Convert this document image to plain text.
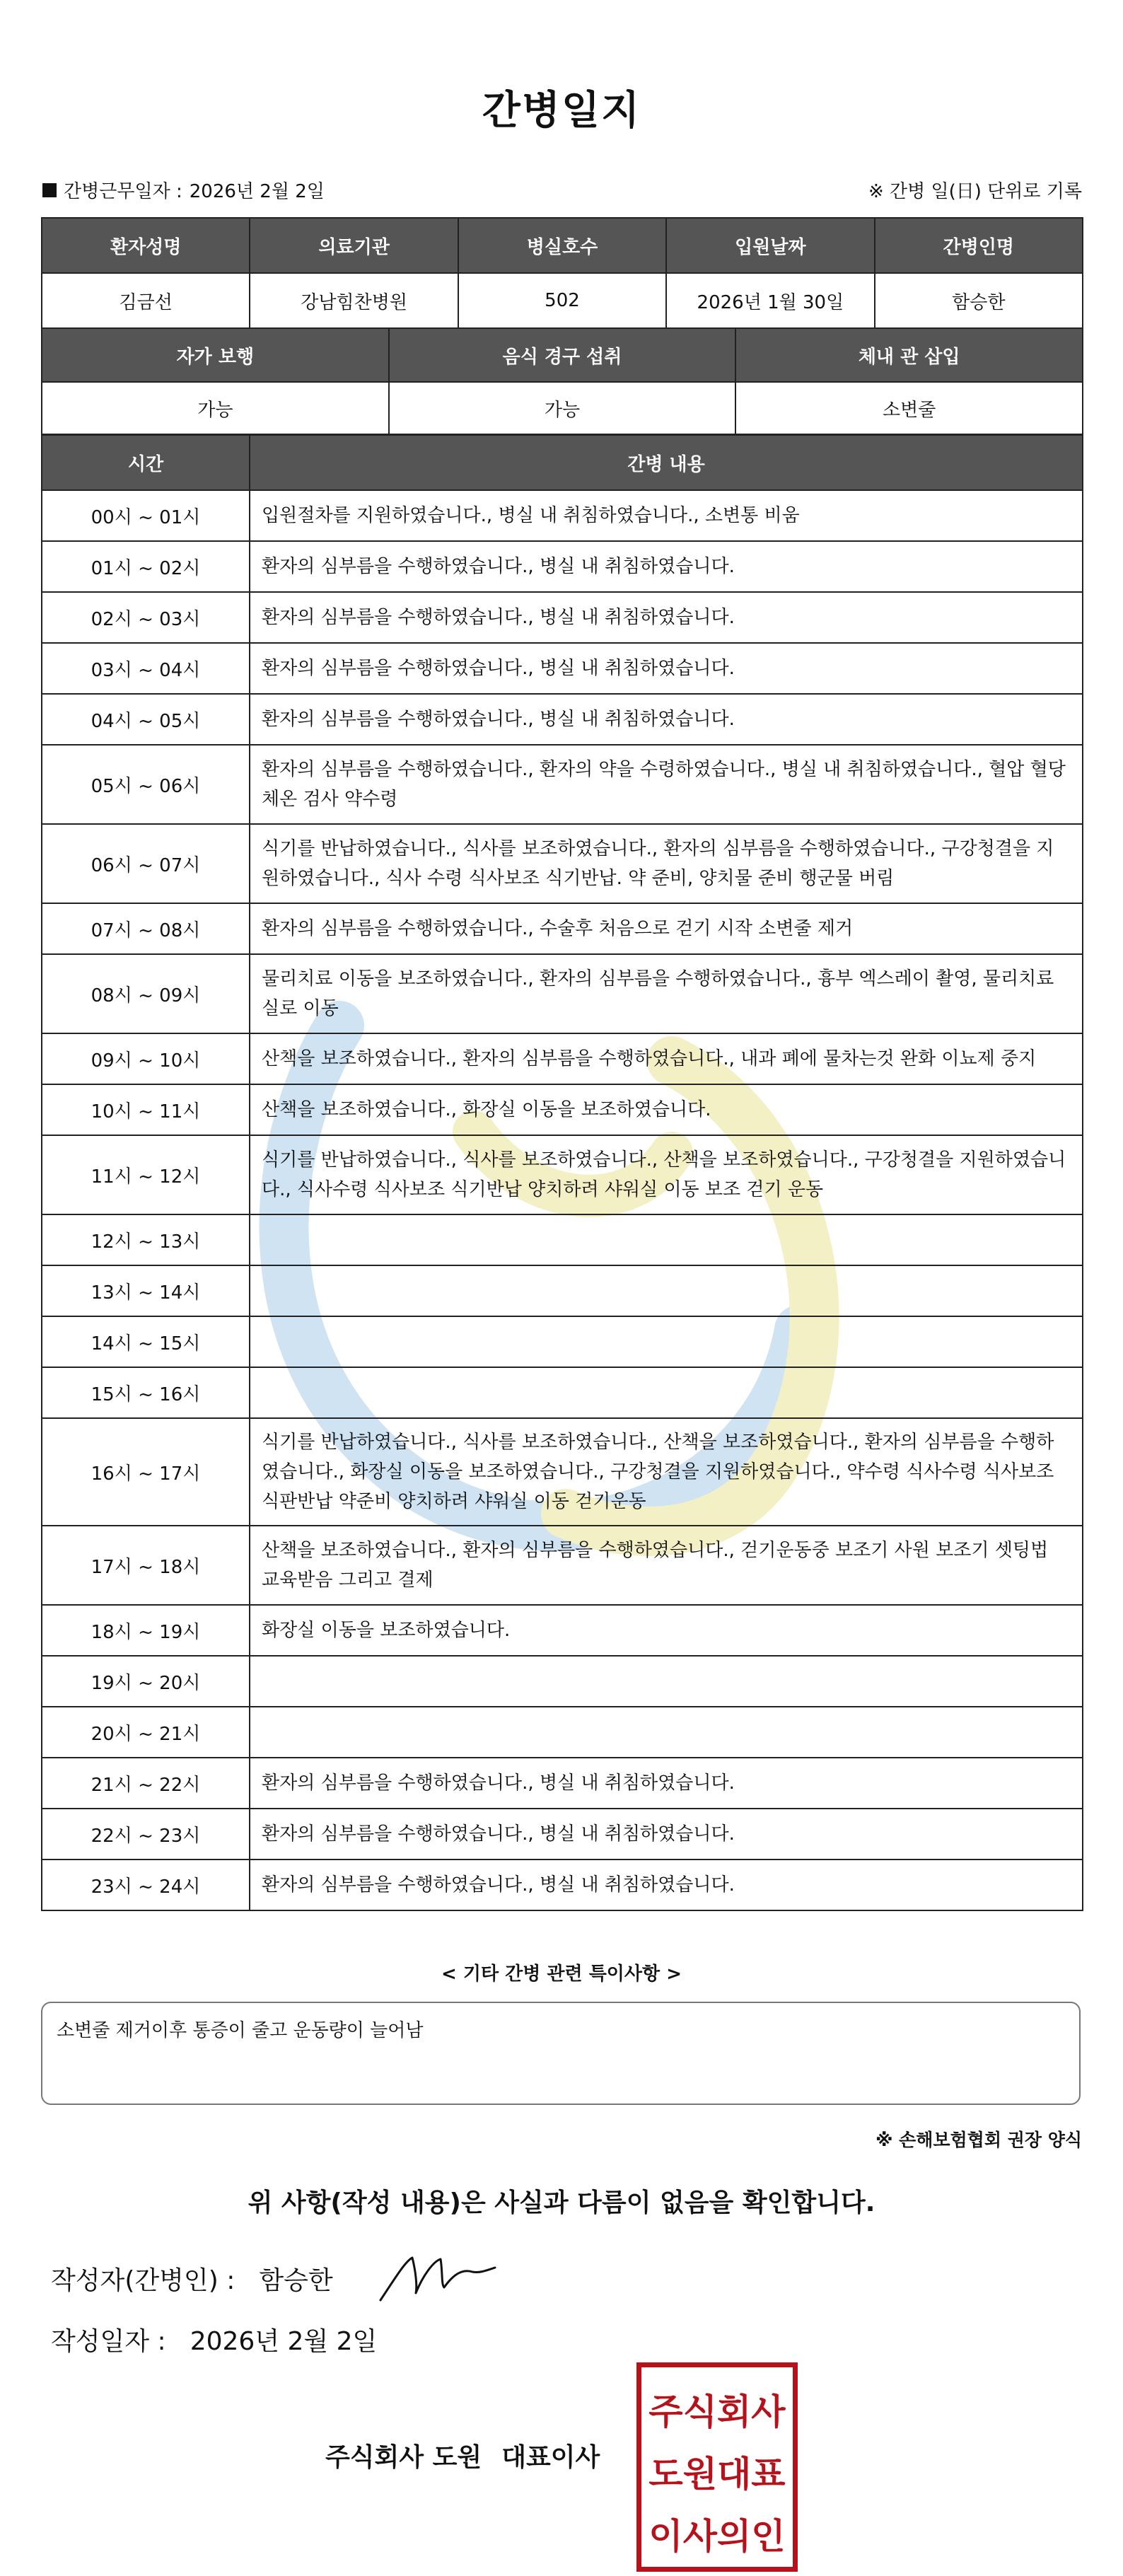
간병일지
간병근무일자 : 2026년 2월 2일	※ 간병 일(日) 단위로 기록
환자성명	의료기관	병실호수	입원날짜	간병인명
김금선	강남힘찬병원	502	2026년 1월 30일	함승한
자가 보행	음식 경구 섭취	체내 관 삽입
가능	가능	소변줄
시간	간병 내용
00시 ~ 01시	입원절차를 지원하였습니다., 병실 내 취침하였습니다., 소변통 비움
01시 ~ 02시	환자의 심부름을 수행하였습니다., 병실 내 취침하였습니다.
02시 ~ 03시	환자의 심부름을 수행하였습니다., 병실 내 취침하였습니다.
03시 ~ 04시	환자의 심부름을 수행하였습니다., 병실 내 취침하였습니다.
04시 ~ 05시	환자의 심부름을 수행하였습니다., 병실 내 취침하였습니다.
05시 ~ 06시	환자의 심부름을 수행하였습니다., 환자의 약을 수령하였습니다., 병실 내 취침하였습니다., 혈압 혈당 체온 검사 약수령
06시 ~ 07시	식기를 반납하였습니다., 식사를 보조하였습니다., 환자의 심부름을 수행하였습니다., 구강청결을 지원하였습니다., 식사 수령 식사보조 식기반납. 약 준비, 양치물 준비 행군물 버림
07시 ~ 08시	환자의 심부름을 수행하였습니다., 수술후 처음으로 걷기 시작 소변줄 제거
08시 ~ 09시	물리치료 이동을 보조하였습니다., 환자의 심부름을 수행하였습니다., 흉부 엑스레이 촬영, 물리치료실로 이동
09시 ~ 10시	산책을 보조하였습니다., 환자의 심부름을 수행하였습니다., 내과 폐에 물차는것 완화 이뇨제 중지
10시 ~ 11시	산책을 보조하였습니다., 화장실 이동을 보조하였습니다.
11시 ~ 12시	식기를 반납하였습니다., 식사를 보조하였습니다., 산책을 보조하였습니다., 구강청결을 지원하였습니다., 식사수령 식사보조 식기반납 양치하려 샤워실 이동 보조 걷기 운동
12시 ~ 13시	
13시 ~ 14시	
14시 ~ 15시	
15시 ~ 16시	
16시 ~ 17시	식기를 반납하였습니다., 식사를 보조하였습니다., 산책을 보조하였습니다., 환자의 심부름을 수행하였습니다., 화장실 이동을 보조하였습니다., 구강청결을 지원하였습니다., 약수령 식사수령 식사보조 식판반납 약준비 양치하려 샤워실 이동 걷기운동
17시 ~ 18시	산책을 보조하였습니다., 환자의 심부름을 수행하였습니다., 걷기운동중 보조기 사원 보조기 셋팅법 교육받음 그리고 결제
18시 ~ 19시	화장실 이동을 보조하였습니다.
19시 ~ 20시	
20시 ~ 21시	
21시 ~ 22시	환자의 심부름을 수행하였습니다., 병실 내 취침하였습니다.
22시 ~ 23시	환자의 심부름을 수행하였습니다., 병실 내 취침하였습니다.
23시 ~ 24시	환자의 심부름을 수행하였습니다., 병실 내 취침하였습니다.
< 기타 간병 관련 특이사항 >
소변줄 제거이후 통증이 줄고 운동량이 늘어남
※ 손해보험협회 권장 양식
위 사항(작성 내용)은 사실과 다름이 없음을 확인합니다.
작성자(간병인) : 함승한
작성일자 : 2026년 2월 2일
주식회사 도원 대표이사
주식회사
도원대표
이사의인
